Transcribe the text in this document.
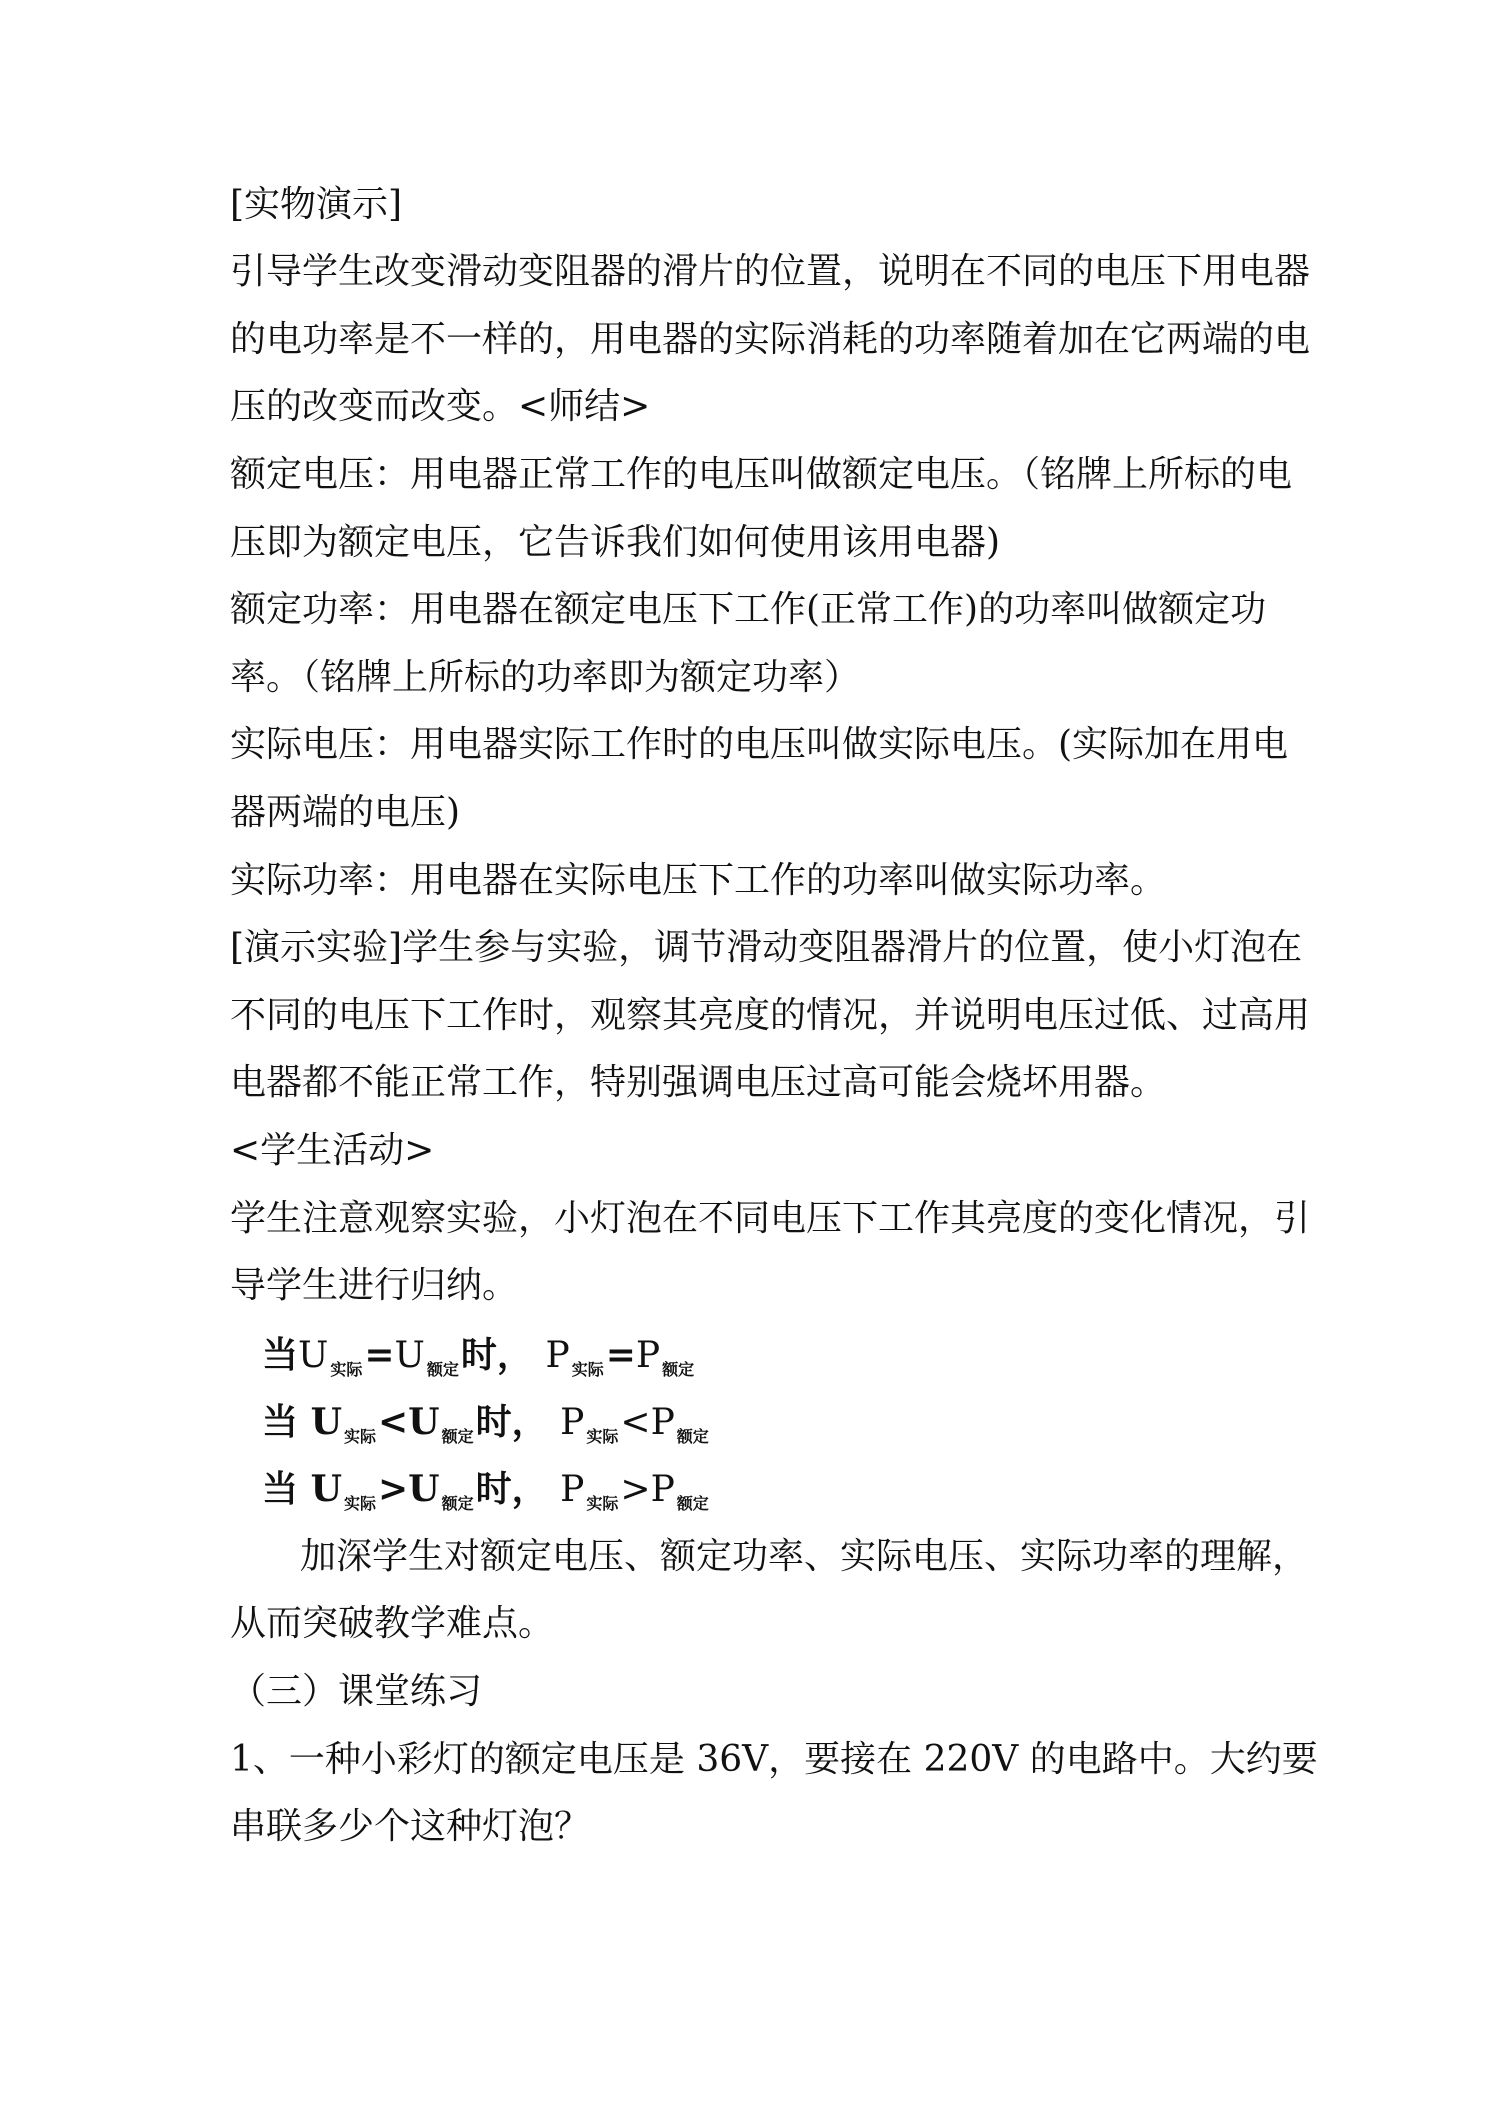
[实物演示]
引导学生改变滑动变阻器的滑片的位置，说明在不同的电压下用电器
的电功率是不一样的，用电器的实际消耗的功率随着加在它两端的电
压的改变而改变。<师结>
额定电压：用电器正常工作的电压叫做额定电压。（铭牌上所标的电
压即为额定电压，它告诉我们如何使用该用电器)
额定功率：用电器在额定电压下工作(正常工作)的功率叫做额定功
率。（铭牌上所标的功率即为额定功率）
实际电压：用电器实际工作时的电压叫做实际电压。(实际加在用电
器两端的电压)
实际功率：用电器在实际电压下工作的功率叫做实际功率。
[演示实验]学生参与实验，调节滑动变阻器滑片的位置，使小灯泡在
不同的电压下工作时，观察其亮度的情况，并说明电压过低、过高用
电器都不能正常工作，特别强调电压过高可能会烧坏用器。
<学生活动>
学生注意观察实验，小灯泡在不同电压下工作其亮度的变化情况，引
导学生进行归纳。
当U $_{实际}$=U $_{额定}$时， P $_{实际}$=P $_{额定}$
当 U $_{实际}$<U $_{额定}$时， P $_{实际}$<P $_{额定}$
当 U $_{实际}$>U $_{额定}$时， P $_{实际}$>P $_{额定}$
加深学生对额定电压、额定功率、实际电压、实际功率的理解，
从而突破教学难点。
（三）课堂练习
1、一种小彩灯的额定电压是 36V，要接在 220V 的电路中。大约要
串联多少个这种灯泡？
